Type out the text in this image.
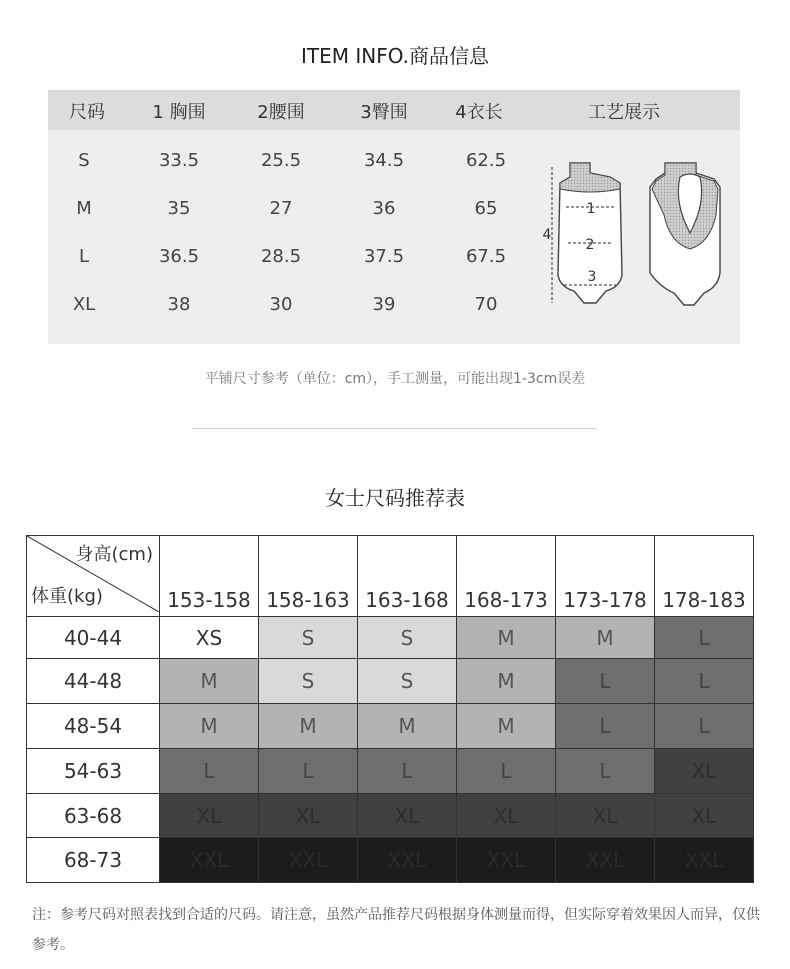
ITEM INFO.商品信息
尺码	1 胸围	2腰围	3臀围	4衣长	工艺展示
S	33.5	25.5	34.5	62.5
M	35	27	36	65
L	36.5	28.5	37.5	67.5
XL	38	30	39	70
1
2
3
4
平铺尺寸参考（单位：cm），手工测量，可能出现1-3cm误差
女士尺码推荐表
身高(cm)
体重(kg)	153-158	158-163	163-168	168-173	173-178	178-183
40-44	XS	S	S	M	M	L
44-48	M	S	S	M	L	L
48-54	M	M	M	M	L	L
54-63	L	L	L	L	L	XL
63-68	XL	XL	XL	XL	XL	XL
68-73	XXL	XXL	XXL	XXL	XXL	XXL
注：参考尺码对照表找到合适的尺码。请注意，虽然产品推荐尺码根据身体测量而得，但实际穿着效果因人而异，仅供参考。
